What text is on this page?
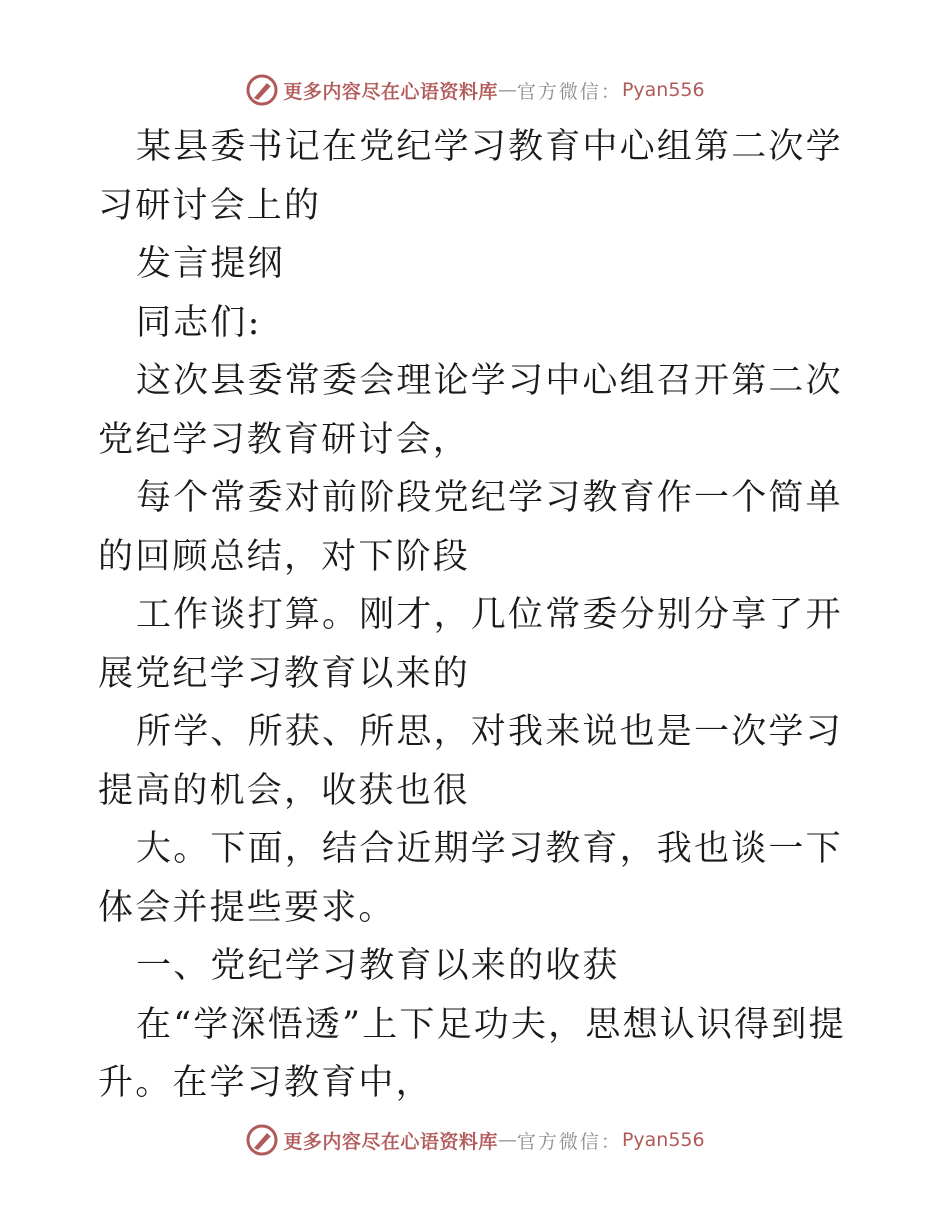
更多内容尽在心语资料库 — 官方微信： Pyan556

某县委书记在党纪学习教育中心组第二次学习研讨会上的

发言提纲

同志们:

这次县委常委会理论学习中心组召开第二次党纪学习教育研讨会，

每个常委对前阶段党纪学习教育作一个简单的回顾总结，对下阶段

工作谈打算。刚才，几位常委分别分享了开展党纪学习教育以来的

所学、所获、所思，对我来说也是一次学习提高的机会，收获也很

大。下面，结合近期学习教育，我也谈一下体会并提些要求。

一、党纪学习教育以来的收获

在“学深悟透”上下足功夫，思想认识得到提升。在学习教育中，

更多内容尽在心语资料库 — 官方微信： Pyan556
